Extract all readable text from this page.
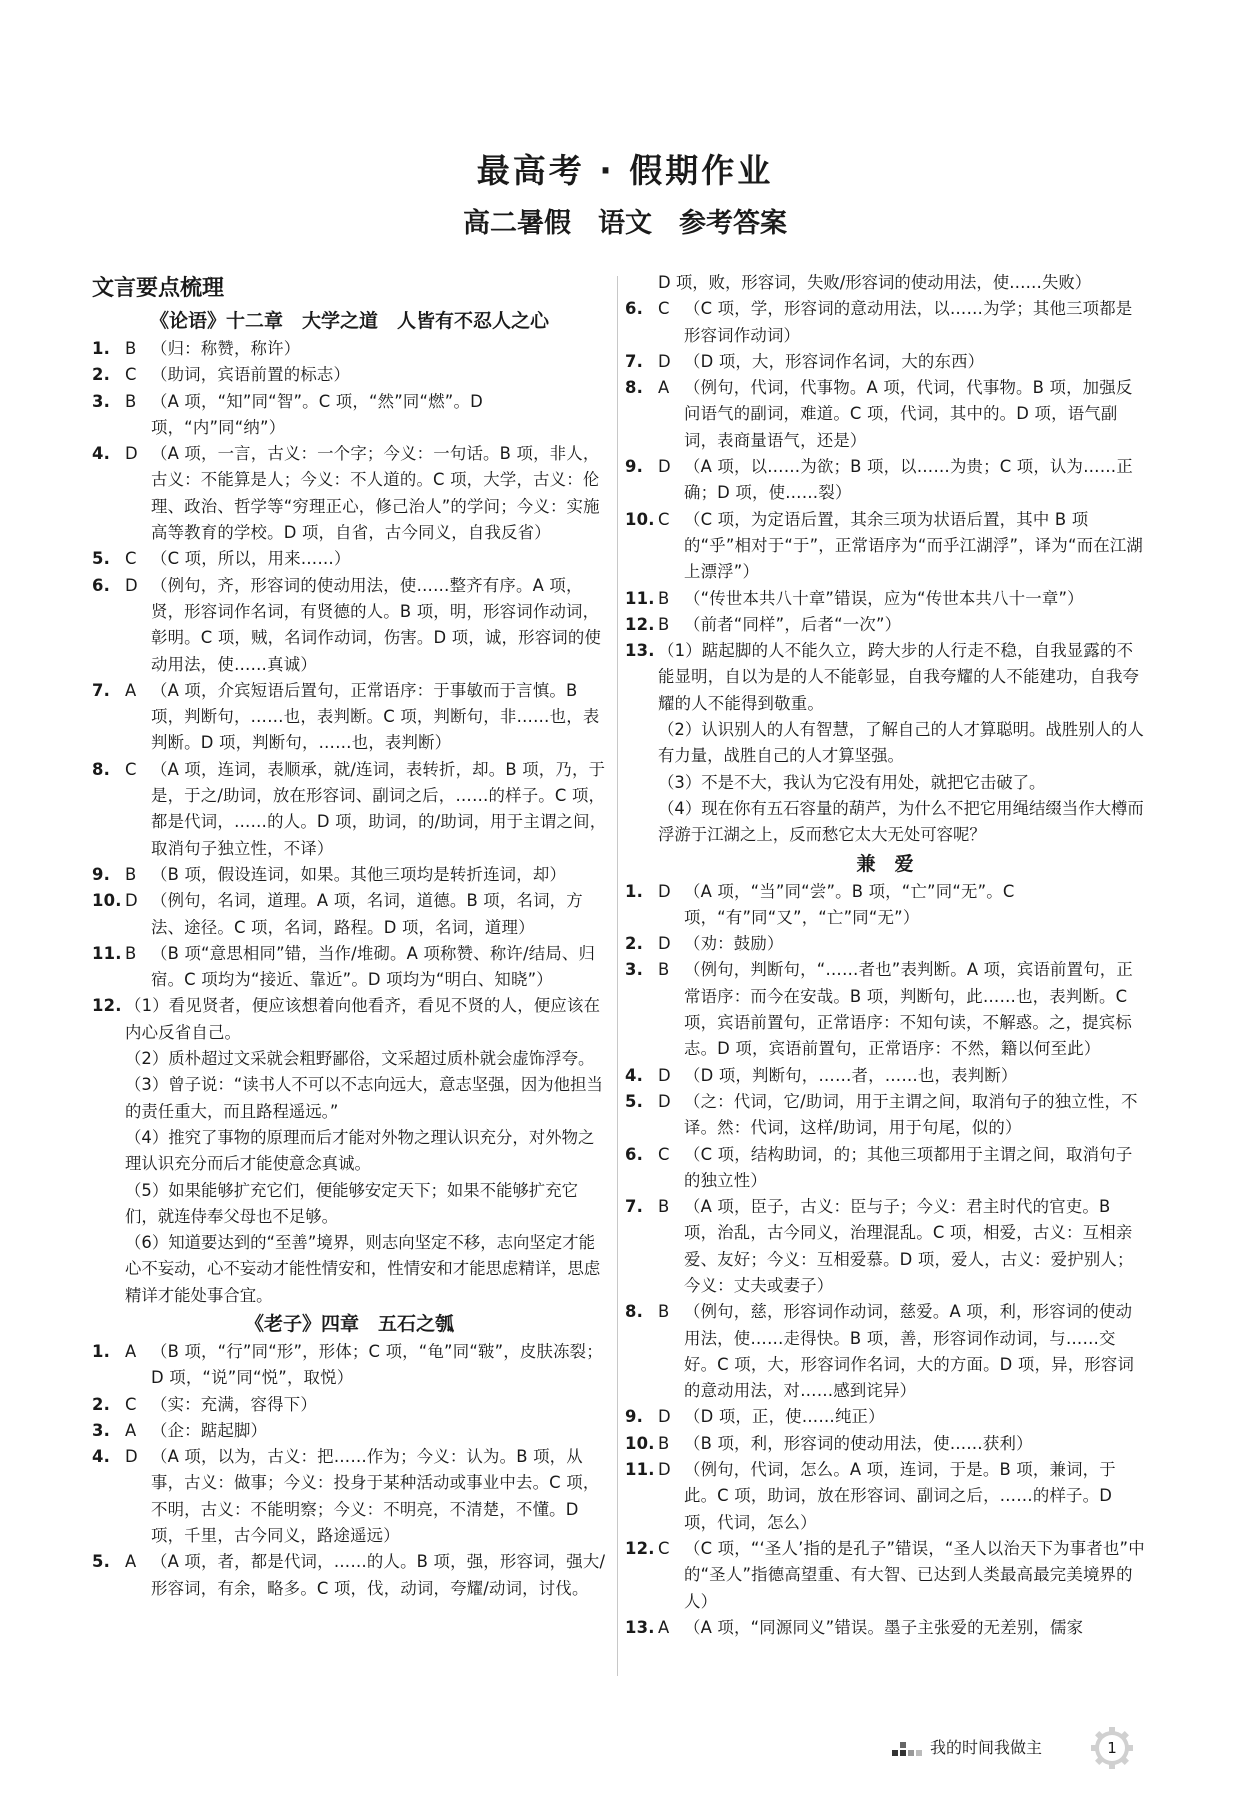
最高考 · 假期作业
高二暑假　语文　参考答案
文言要点梳理
《论语》十二章　大学之道　人皆有不忍人之心
1. B （归：称赞，称许）
2. C （助词，宾语前置的标志）
3. B （A 项，“知”同“智”。C 项，“然”同“燃”。D 项，“内”同“纳”）
4. D （A 项，一言，古义：一个字；今义：一句话。B 项，非人，古义：不能算是人；今义：不人道的。C 项，大学，古义：伦理、政治、哲学等“穷理正心，修己治人”的学问；今义：实施高等教育的学校。D 项，自省，古今同义，自我反省）
5. C （C 项，所以，用来……）
6. D （例句，齐，形容词的使动用法，使……整齐有序。A 项，贤，形容词作名词，有贤德的人。B 项，明，形容词作动词，彰明。C 项，贼，名词作动词，伤害。D 项，诚，形容词的使动用法，使……真诚）
7. A （A 项，介宾短语后置句，正常语序：于事敏而于言慎。B 项，判断句，……也，表判断。C 项，判断句，非……也，表判断。D 项，判断句，……也，表判断）
8. C （A 项，连词，表顺承，就/连词，表转折，却。B 项，乃，于是，于之/助词，放在形容词、副词之后，……的样子。C 项，都是代词，……的人。D 项，助词，的/助词，用于主谓之间，取消句子独立性，不译）
9. B （B 项，假设连词，如果。其他三项均是转折连词，却）
10. D （例句，名词，道理。A 项，名词，道德。B 项，名词，方法、途径。C 项，名词，路程。D 项，名词，道理）
11. B （B 项“意思相同”错，当作/堆砌。A 项称赞、称许/结局、归宿。C 项均为“接近、靠近”。D 项均为“明白、知晓”）
12. （1）看见贤者，便应该想着向他看齐，看见不贤的人，便应该在内心反省自己。
（2）质朴超过文采就会粗野鄙俗，文采超过质朴就会虚饰浮夸。
（3）曾子说：“读书人不可以不志向远大，意志坚强，因为他担当的责任重大，而且路程遥远。”
（4）推究了事物的原理而后才能对外物之理认识充分，对外物之理认识充分而后才能使意念真诚。
（5）如果能够扩充它们，便能够安定天下；如果不能够扩充它们，就连侍奉父母也不足够。
（6）知道要达到的“至善”境界，则志向坚定不移，志向坚定才能心不妄动，心不妄动才能性情安和，性情安和才能思虑精详，思虑精详才能处事合宜。
《老子》四章　五石之瓠
1. A （B 项，“行”同“形”，形体；C 项，“龟”同“皲”，皮肤冻裂；D 项，“说”同“悦”，取悦）
2. C （实：充满，容得下）
3. A （企：踮起脚）
4. D （A 项，以为，古义：把……作为；今义：认为。B 项，从事，古义：做事；今义：投身于某种活动或事业中去。C 项，不明，古义：不能明察；今义：不明亮，不清楚，不懂。D 项，千里，古今同义，路途遥远）
5. A （A 项，者，都是代词，……的人。B 项，强，形容词，强大/形容词，有余，略多。C 项，伐，动词，夸耀/动词，讨伐。
D 项，败，形容词，失败/形容词的使动用法，使……失败）
6. C （C 项，学，形容词的意动用法，以……为学；其他三项都是形容词作动词）
7. D （D 项，大，形容词作名词，大的东西）
8. A （例句，代词，代事物。A 项，代词，代事物。B 项，加强反问语气的副词，难道。C 项，代词，其中的。D 项，语气副词，表商量语气，还是）
9. D （A 项，以……为欲；B 项，以……为贵；C 项，认为……正确；D 项，使……裂）
10. C （C 项，为定语后置，其余三项为状语后置，其中 B 项的“乎”相对于“于”，正常语序为“而乎江湖浮”，译为“而在江湖上漂浮”）
11. B （“传世本共八十章”错误，应为“传世本共八十一章”）
12. B （前者“同样”，后者“一次”）
13. （1）踮起脚的人不能久立，跨大步的人行走不稳，自我显露的不能显明，自以为是的人不能彰显，自我夸耀的人不能建功，自我夸耀的人不能得到敬重。
（2）认识别人的人有智慧，了解自己的人才算聪明。战胜别人的人有力量，战胜自己的人才算坚强。
（3）不是不大，我认为它没有用处，就把它击破了。
（4）现在你有五石容量的葫芦，为什么不把它用绳结缀当作大樽而浮游于江湖之上，反而愁它太大无处可容呢？
兼　爱
1. D （A 项，“当”同“尝”。B 项，“亡”同“无”。C 项，“有”同“又”，“亡”同“无”）
2. D （劝：鼓励）
3. B （例句，判断句，“……者也”表判断。A 项，宾语前置句，正常语序：而今在安哉。B 项，判断句，此……也，表判断。C 项，宾语前置句，正常语序：不知句读，不解惑。之，提宾标志。D 项，宾语前置句，正常语序：不然，籍以何至此）
4. D （D 项，判断句，……者，……也，表判断）
5. D （之：代词，它/助词，用于主谓之间，取消句子的独立性，不译。然：代词，这样/助词，用于句尾，似的）
6. C （C 项，结构助词，的；其他三项都用于主谓之间，取消句子的独立性）
7. B （A 项，臣子，古义：臣与子；今义：君主时代的官吏。B 项，治乱，古今同义，治理混乱。C 项，相爱，古义：互相亲爱、友好；今义：互相爱慕。D 项，爱人，古义：爱护别人；今义：丈夫或妻子）
8. B （例句，慈，形容词作动词，慈爱。A 项，利，形容词的使动用法，使……走得快。B 项，善，形容词作动词，与……交好。C 项，大，形容词作名词，大的方面。D 项，异，形容词的意动用法，对……感到诧异）
9. D （D 项，正，使……纯正）
10. B （B 项，利，形容词的使动用法，使……获利）
11. D （例句，代词，怎么。A 项，连词，于是。B 项，兼词，于此。C 项，助词，放在形容词、副词之后，……的样子。D 项，代词，怎么）
12. C （C 项，“‘圣人’指的是孔子”错误，“圣人以治天下为事者也”中的“圣人”指德高望重、有大智、已达到人类最高最完美境界的人）
13. A （A 项，“同源同义”错误。墨子主张爱的无差别，儒家
我的时间我做主	1
